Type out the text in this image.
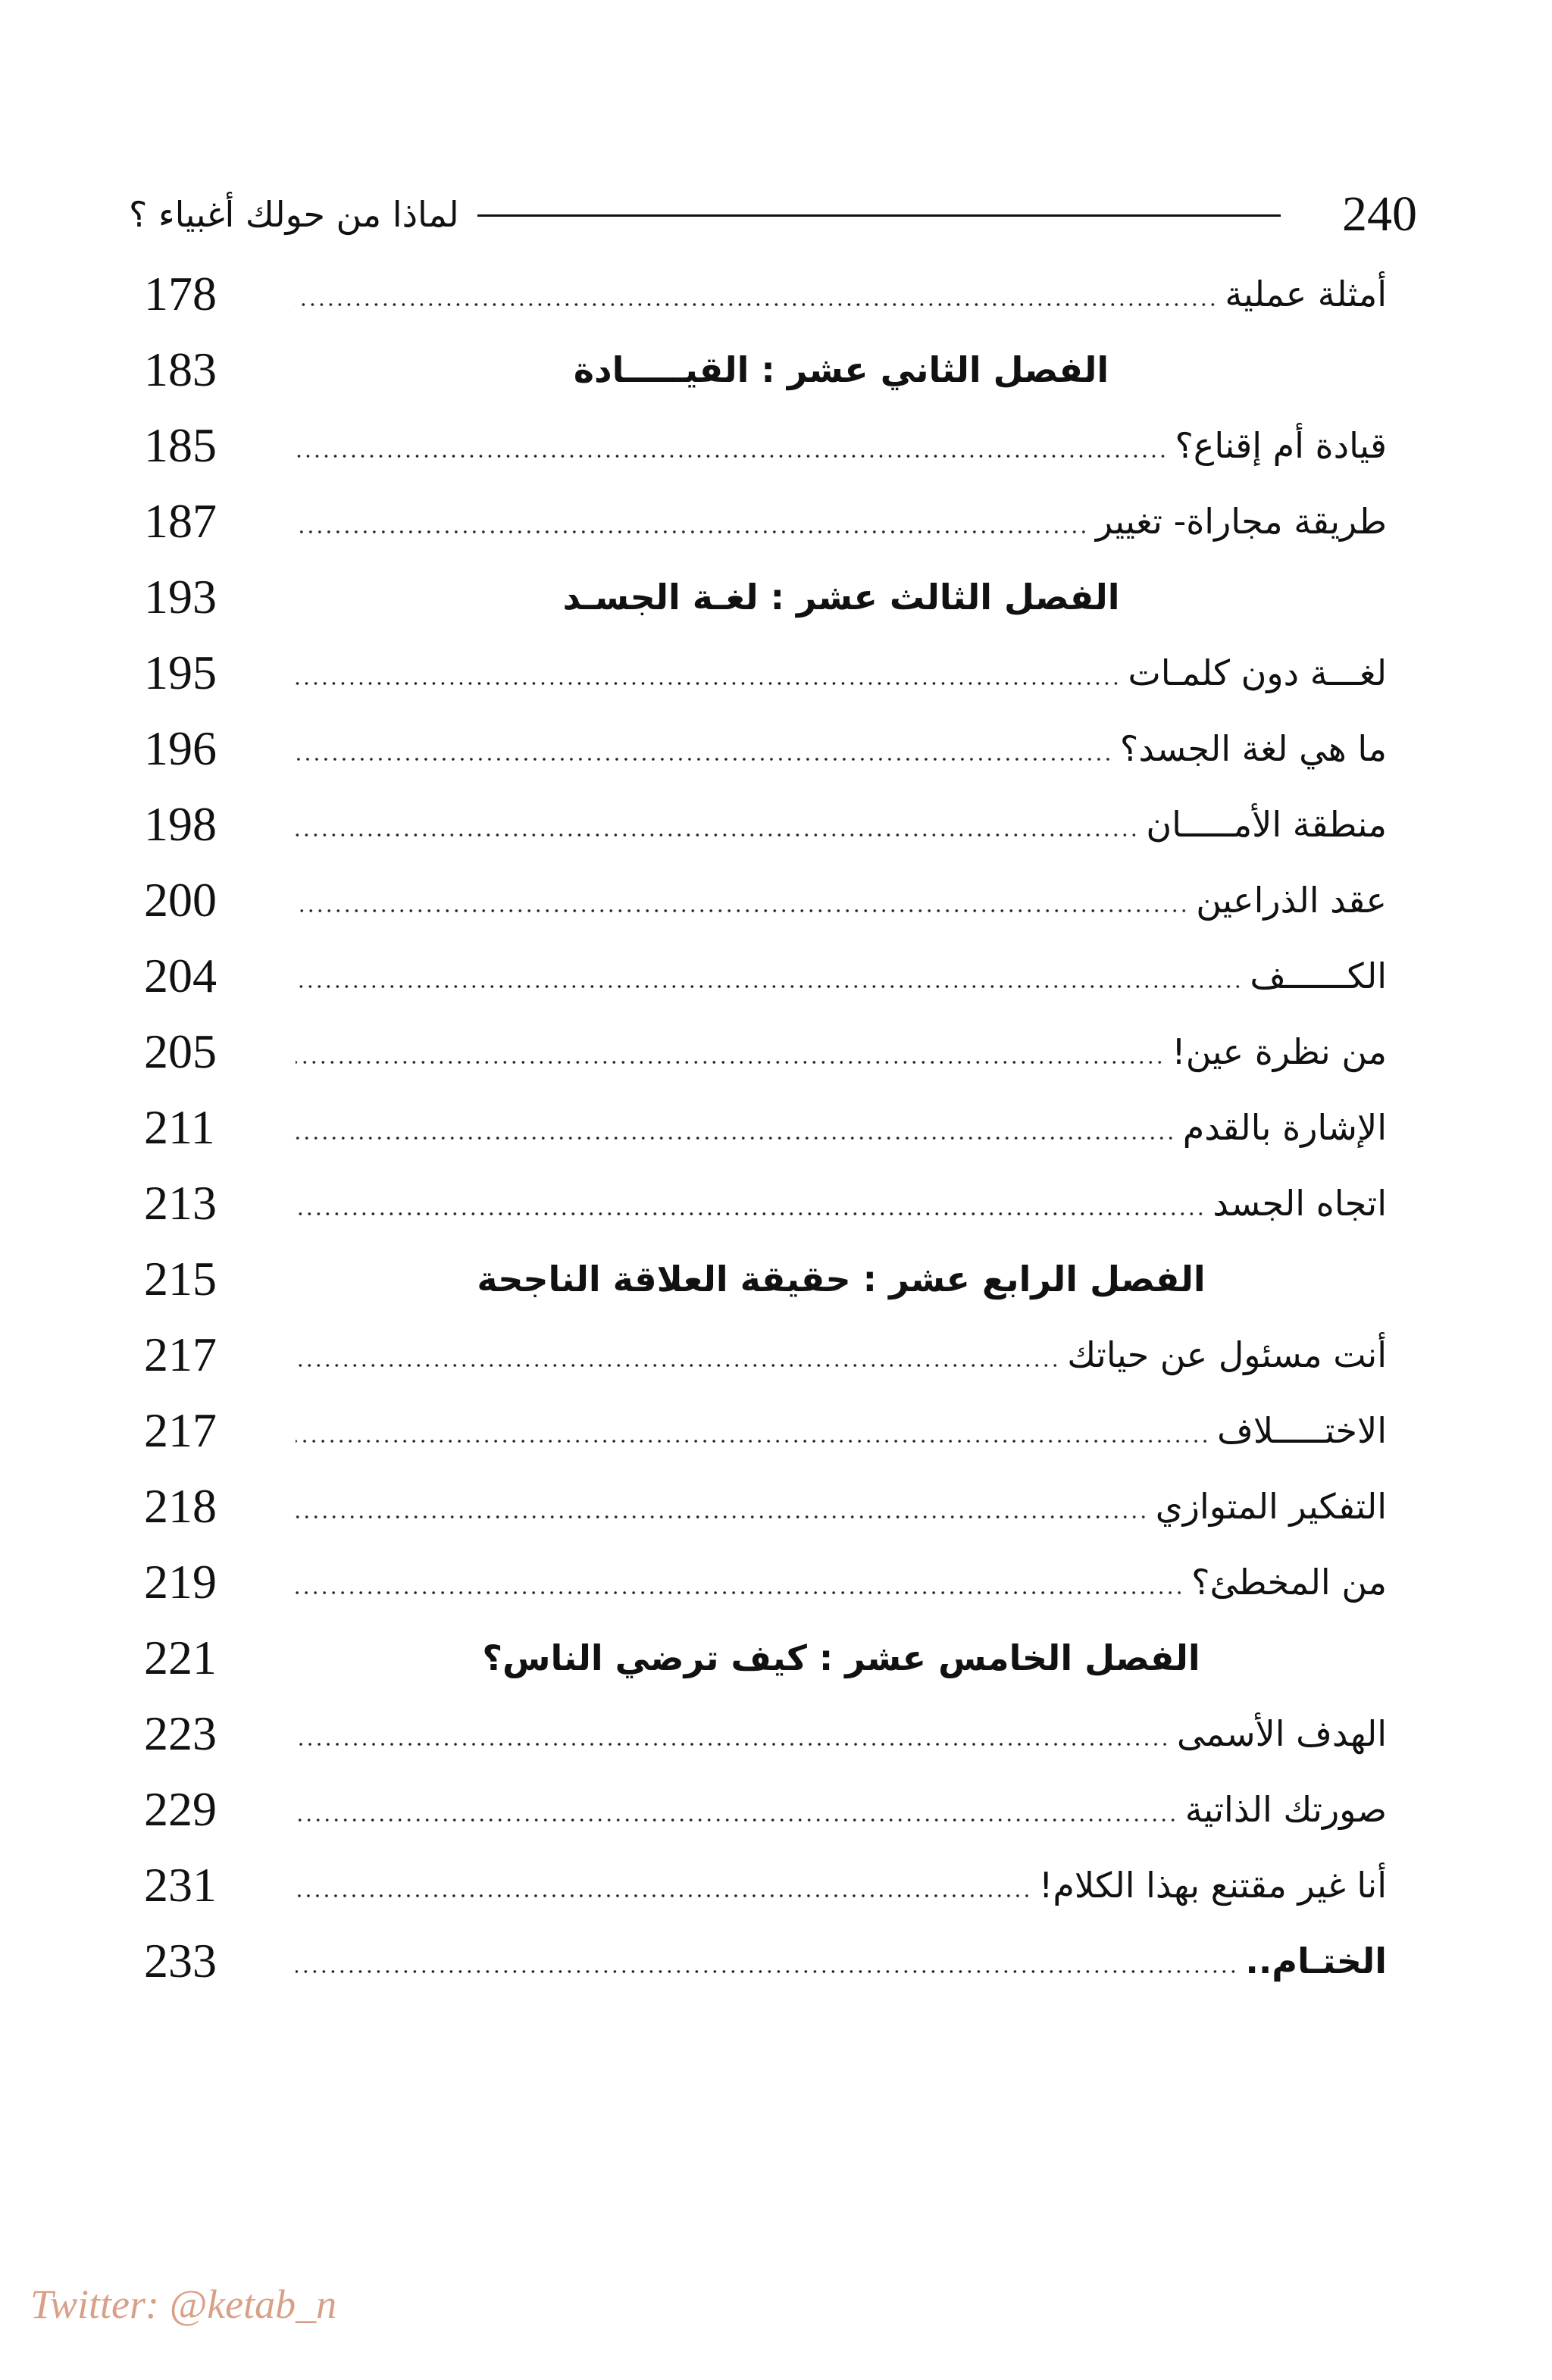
لماذا من حولك أغبياء ؟	240
178	أمثلة عملية
183	الفصل الثاني عشر : القيـــــادة
185	قيادة أم إقناع؟
187	طريقة مجاراة- تغيير
193	الفصل الثالث عشر : لغـة الجسـد
195	لغـــة دون كلمـات
196	ما هي لغة الجسد؟
198	منطقة الأمـــــان
200	عقد الذراعين
204	الكــــــف
205	من نظرة عين!
211	الإشارة بالقدم
213	اتجاه الجسد
215	الفصل الرابع عشر : حقيقة العلاقة الناجحة
217	أنت مسئول عن حياتك
217	الاختـــــلاف
218	التفكير المتوازي
219	من المخطئ؟
221	الفصل الخامس عشر : كيف ترضي الناس؟
223	الهدف الأسمى
229	صورتك الذاتية
231	أنا غير مقتنع بهذا الكلام!
233	الختـام..
Twitter: @ketab_n
